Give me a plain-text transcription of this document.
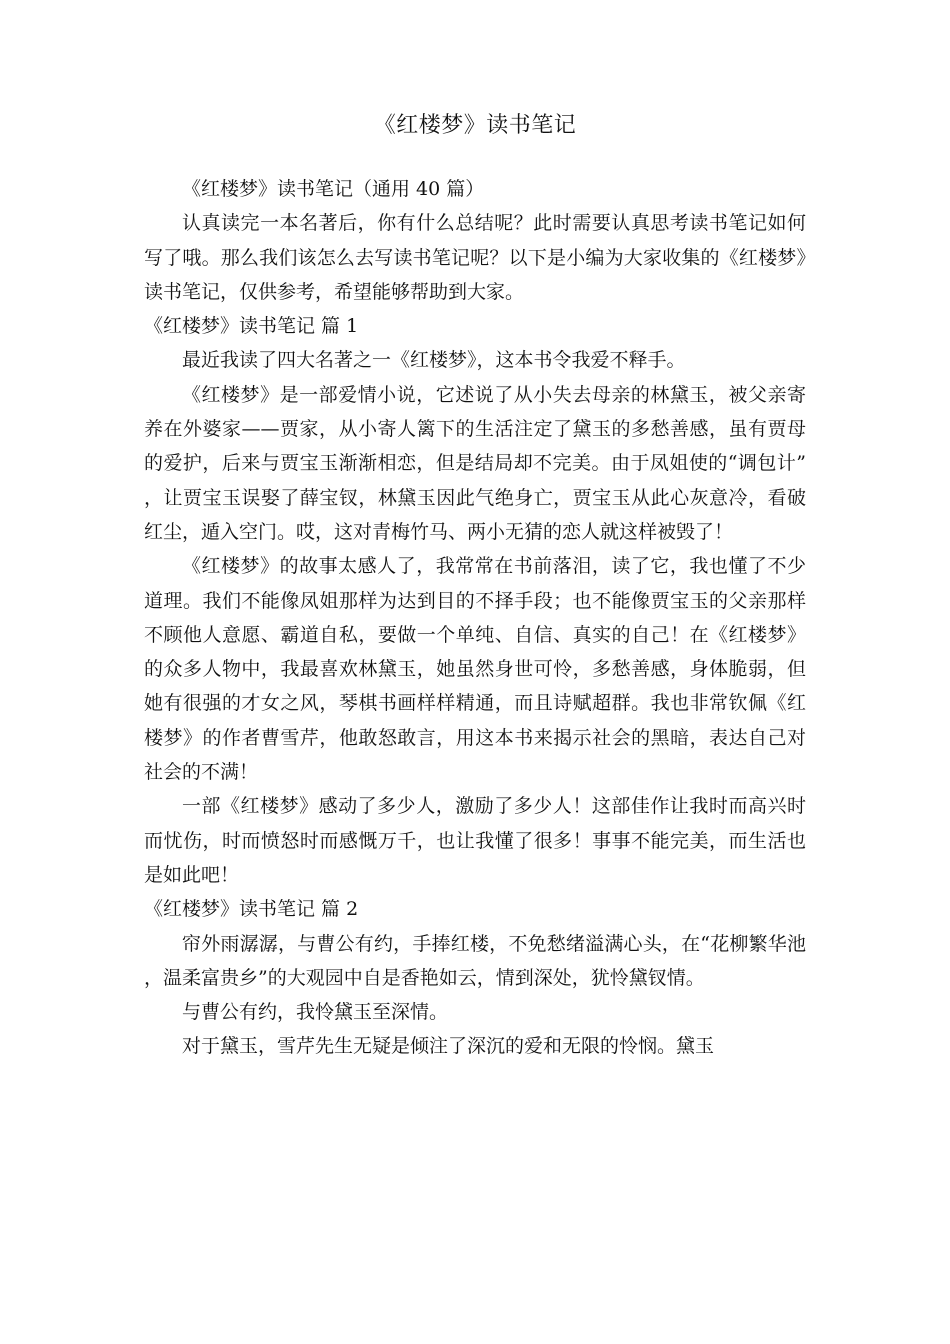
《红楼梦》读书笔记

《红楼梦》读书笔记（通用 40 篇）

认真读完一本名著后，你有什么总结呢？此时需要认真思考读书笔记如何写了哦。那么我们该怎么去写读书笔记呢？以下是小编为大家收集的《红楼梦》读书笔记，仅供参考，希望能够帮助到大家。

《红楼梦》读书笔记 篇 1

最近我读了四大名著之一《红楼梦》，这本书令我爱不释手。

《红楼梦》是一部爱情小说，它述说了从小失去母亲的林黛玉，被父亲寄养在外婆家——贾家，从小寄人篱下的生活注定了黛玉的多愁善感，虽有贾母的爱护，后来与贾宝玉渐渐相恋，但是结局却不完美。由于凤姐使的“调包计”，让贾宝玉误娶了薛宝钗，林黛玉因此气绝身亡，贾宝玉从此心灰意冷，看破红尘，遁入空门。哎，这对青梅竹马、两小无猜的恋人就这样被毁了！

《红楼梦》的故事太感人了，我常常在书前落泪，读了它，我也懂了不少道理。我们不能像凤姐那样为达到目的不择手段；也不能像贾宝玉的父亲那样不顾他人意愿、霸道自私，要做一个单纯、自信、真实的自己！在《红楼梦》的众多人物中，我最喜欢林黛玉，她虽然身世可怜，多愁善感，身体脆弱，但她有很强的才女之风，琴棋书画样样精通，而且诗赋超群。我也非常钦佩《红楼梦》的作者曹雪芹，他敢怒敢言，用这本书来揭示社会的黑暗，表达自己对社会的不满！

一部《红楼梦》感动了多少人，激励了多少人！这部佳作让我时而高兴时而忧伤，时而愤怒时而感慨万千，也让我懂了很多！事事不能完美，而生活也是如此吧！

《红楼梦》读书笔记 篇 2

帘外雨潺潺，与曹公有约，手捧红楼，不免愁绪溢满心头，在“花柳繁华池，温柔富贵乡”的大观园中自是香艳如云，情到深处，犹怜黛钗情。

与曹公有约，我怜黛玉至深情。

对于黛玉，雪芹先生无疑是倾注了深沉的爱和无限的怜悯。黛玉
